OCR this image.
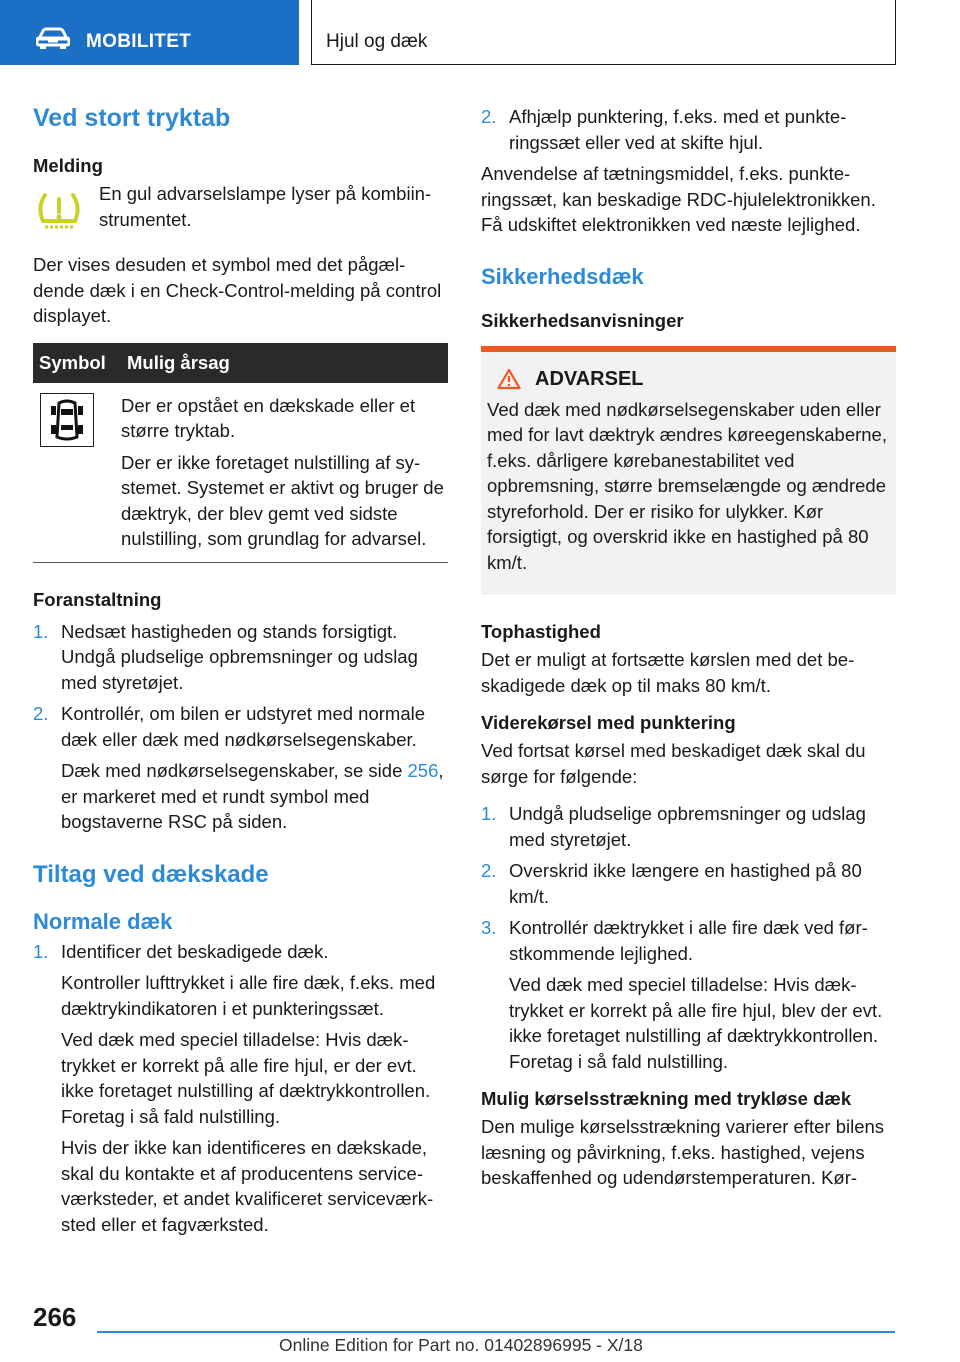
MOBILITET	Hjul og dæk
Ved stort tryktab
Melding
En gul advarselslampe lyser på kombiinstrumentet.
Der vises desuden et symbol med det pågældende dæk i en Check-Control-melding på control displayet.
Symbol	Mulig årsag

Der er opstået en dækskade eller et større tryktab.
Der er ikke foretaget nulstilling af systemet. Systemet er aktivt og bruger de dæktryk, der blev gemt ved sidste nulstilling, som grundlag for advarsel.
Foranstaltning
1. Nedsæt hastigheden og stands forsigtigt. Undgå pludselige opbremsninger og udslag med styretøjet.
2. Kontrollér, om bilen er udstyret med normale dæk eller dæk med nødkørselsegenskaber.
Dæk med nødkørselsegenskaber, se side 256, er markeret med et rundt symbol med bogstaverne RSC på siden.
Tiltag ved dækskade
Normale dæk
1. Identificer det beskadigede dæk.
Kontroller lufttrykket i alle fire dæk, f.eks. med dæktrykindikatoren i et punkteringssæt.
Ved dæk med speciel tilladelse: Hvis dæktrykket er korrekt på alle fire hjul, er der evt. ikke foretaget nulstilling af dæktrykkontrollen. Foretag i så fald nulstilling.
Hvis der ikke kan identificeres en dækskade, skal du kontakte et af producentens serviceværksteder, et andet kvalificeret serviceværksted eller et fagværksted.
2. Afhjælp punktering, f.eks. med et punkteringssæt eller ved at skifte hjul.
Anvendelse af tætningsmiddel, f.eks. punkteringssæt, kan beskadige RDC-hjulelektronikken. Få udskiftet elektronikken ved næste lejlighed.
Sikkerhedsdæk
Sikkerhedsanvisninger
ADVARSEL
Ved dæk med nødkørselsegenskaber uden eller med for lavt dæktryk ændres køreegenskaberne, f.eks. dårligere kørebanestabilitet ved opbremsning, større bremselængde og ændrede styreforhold. Der er risiko for ulykker. Kør forsigtigt, og overskrid ikke en hastighed på 80 km/t.
Tophastighed
Det er muligt at fortsætte kørslen med det beskadigede dæk op til maks 80 km/t.
Viderekørsel med punktering
Ved fortsat kørsel med beskadiget dæk skal du sørge for følgende:
1. Undgå pludselige opbremsninger og udslag med styretøjet.
2. Overskrid ikke længere en hastighed på 80 km/t.
3. Kontrollér dæktrykket i alle fire dæk ved førstkommende lejlighed.
Ved dæk med speciel tilladelse: Hvis dæktrykket er korrekt på alle fire hjul, blev der evt. ikke foretaget nulstilling af dæktrykkontrollen. Foretag i så fald nulstilling.
Mulig kørselsstrækning med trykløse dæk
Den mulige kørselsstrækning varierer efter bilens læsning og påvirkning, f.eks. hastighed, vejens beskaffenhed og udendørstemperaturen. Kør-
266
Online Edition for Part no. 01402896995 - X/18
